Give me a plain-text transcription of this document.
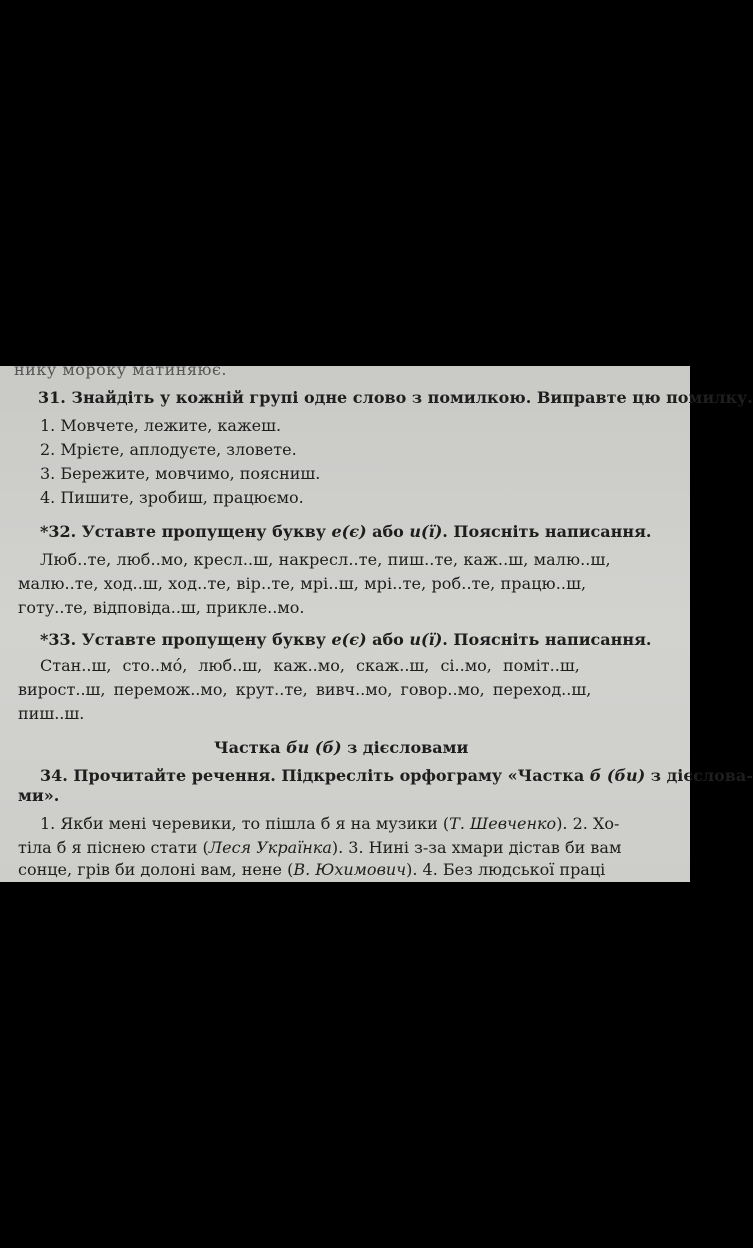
нику мороку матиняює.
31. Знайдіть у кожній групі одне слово з помилкою. Виправте цю помилку.
1. Мовчете, лежите, кажеш.
2. Мрієте, аплодуєте, зловете.
3. Бережите, мовчимо, поясниш.
4. Пишите, зробиш, працюємо.
*32. Уставте пропущену букву е(є) або и(ї). Поясніть написання.
Люб..те, люб..мо, кресл..ш, накресл..те, пиш..те, каж..ш, малю..ш,
малю..те, ход..ш, ход..те, вір..те, мрі..ш, мрі..те, роб..те, працю..ш,
готу..те, відповіда..ш, прикле..мо.
*33. Уставте пропущену букву е(є) або и(ї). Поясніть написання.
Стан..ш, сто..мо́, люб..ш, каж..мо, скаж..ш, сі..мо, поміт..ш,
вирост..ш, перемож..мо, крут..те, вивч..мо, говор..мо, переход..ш,
пиш..ш.
Частка би (б) з дієсловами
34. Прочитайте речення. Підкресліть орфограму «Частка б (би) з дієслова-
ми».
1. Якби мені черевики, то пішла б я на музики (Т. Шевченко). 2. Хо-
тіла б я піснею стати (Леся Українка). 3. Нині з-за хмари дістав би вам
сонце, грів би долоні вам, нене (В. Юхимович). 4. Без людської праці
